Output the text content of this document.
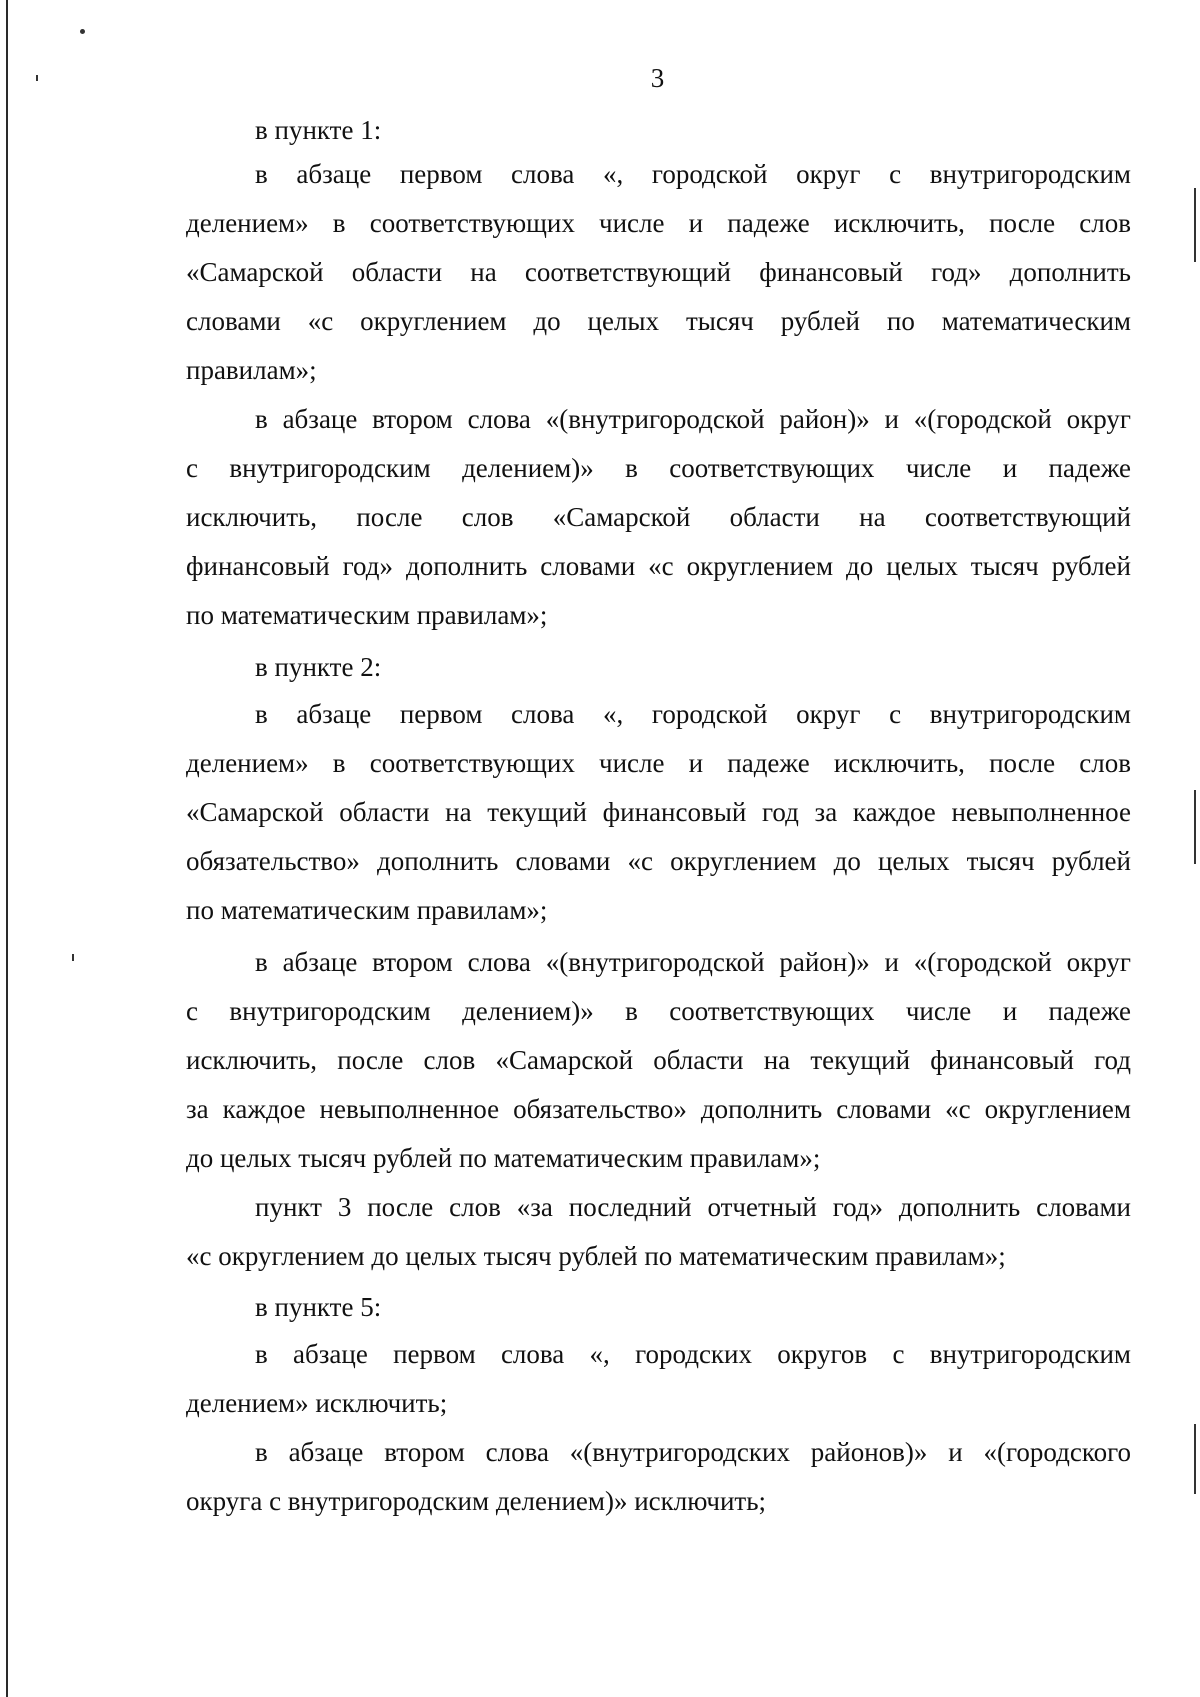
3
в пункте 1:
в абзаце первом слова «, городской округ с внутригородским
делением» в соответствующих числе и падеже исключить, после слов
«Самарской области на соответствующий финансовый год» дополнить
словами «с округлением до целых тысяч рублей по математическим
правилам»;
в абзаце втором слова «(внутригородской район)» и «(городской округ
с внутригородским делением)» в соответствующих числе и падеже
исключить, после слов «Самарской области на соответствующий
финансовый год» дополнить словами «с округлением до целых тысяч рублей
по математическим правилам»;
в пункте 2:
в абзаце первом слова «, городской округ с внутригородским
делением» в соответствующих числе и падеже исключить, после слов
«Самарской области на текущий финансовый год за каждое невыполненное
обязательство» дополнить словами «с округлением до целых тысяч рублей
по математическим правилам»;
в абзаце втором слова «(внутригородской район)» и «(городской округ
с внутригородским делением)» в соответствующих числе и падеже
исключить, после слов «Самарской области на текущий финансовый год
за каждое невыполненное обязательство» дополнить словами «с округлением
до целых тысяч рублей по математическим правилам»;
пункт 3 после слов «за последний отчетный год» дополнить словами
«с округлением до целых тысяч рублей по математическим правилам»;
в пункте 5:
в абзаце первом слова «, городских округов с внутригородским
делением» исключить;
в абзаце втором слова «(внутригородских районов)» и «(городского
округа с внутригородским делением)» исключить;
